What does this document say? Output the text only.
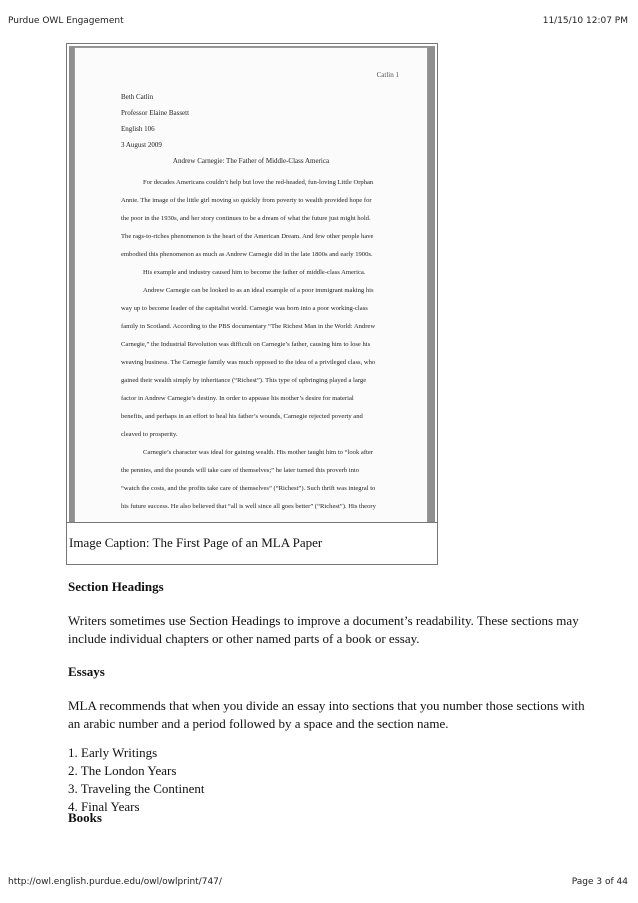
Purdue OWL Engagement	11/15/10 12:07 PM
Catlin 1
Beth Catlin
Professor Elaine Bassett
English 106
3 August 2009
Andrew Carnegie: The Father of Middle-Class America

For decades Americans couldn’t help but love the red-headed, fun-loving Little Orphan

Annie. The image of the little girl moving so quickly from poverty to wealth provided hope for

the poor in the 1930s, and her story continues to be a dream of what the future just might hold.

The rags-to-riches phenomenon is the heart of the American Dream. And few other people have

embodied this phenomenon as much as Andrew Carnegie did in the late 1800s and early 1900s.

His example and industry caused him to become the father of middle-class America.

Andrew Carnegie can be looked to as an ideal example of a poor immigrant making his

way up to become leader of the capitalist world. Carnegie was born into a poor working-class

family in Scotland. According to the PBS documentary “The Richest Man in the World: Andrew

Carnegie,” the Industrial Revolution was difficult on Carnegie’s father, causing him to lose his

weaving business. The Carnegie family was much opposed to the idea of a privileged class, who

gained their wealth simply by inheritance (“Richest”). This type of upbringing played a large

factor in Andrew Carnegie’s destiny. In order to appease his mother’s desire for material

benefits, and perhaps in an effort to heal his father’s wounds, Carnegie rejected poverty and

cleaved to prosperity.

Carnegie’s character was ideal for gaining wealth. His mother taught him to “look after

the pennies, and the pounds will take care of themselves;” he later turned this proverb into

“watch the costs, and the profits take care of themselves” (“Richest”). Such thrift was integral to

his future success. He also believed that “all is well since all goes better” (“Richest”). His theory

Image Caption: The First Page of an MLA Paper
Section Headings

Writers sometimes use Section Headings to improve a document’s readability. These sections may include individual chapters or other named parts of a book or essay.

Essays

MLA recommends that when you divide an essay into sections that you number those sections with an arabic number and a period followed by a space and the section name.

1. Early Writings
2. The London Years
3. Traveling the Continent
4. Final Years
Books
http://owl.english.purdue.edu/owl/owlprint/747/	Page 3 of 44
